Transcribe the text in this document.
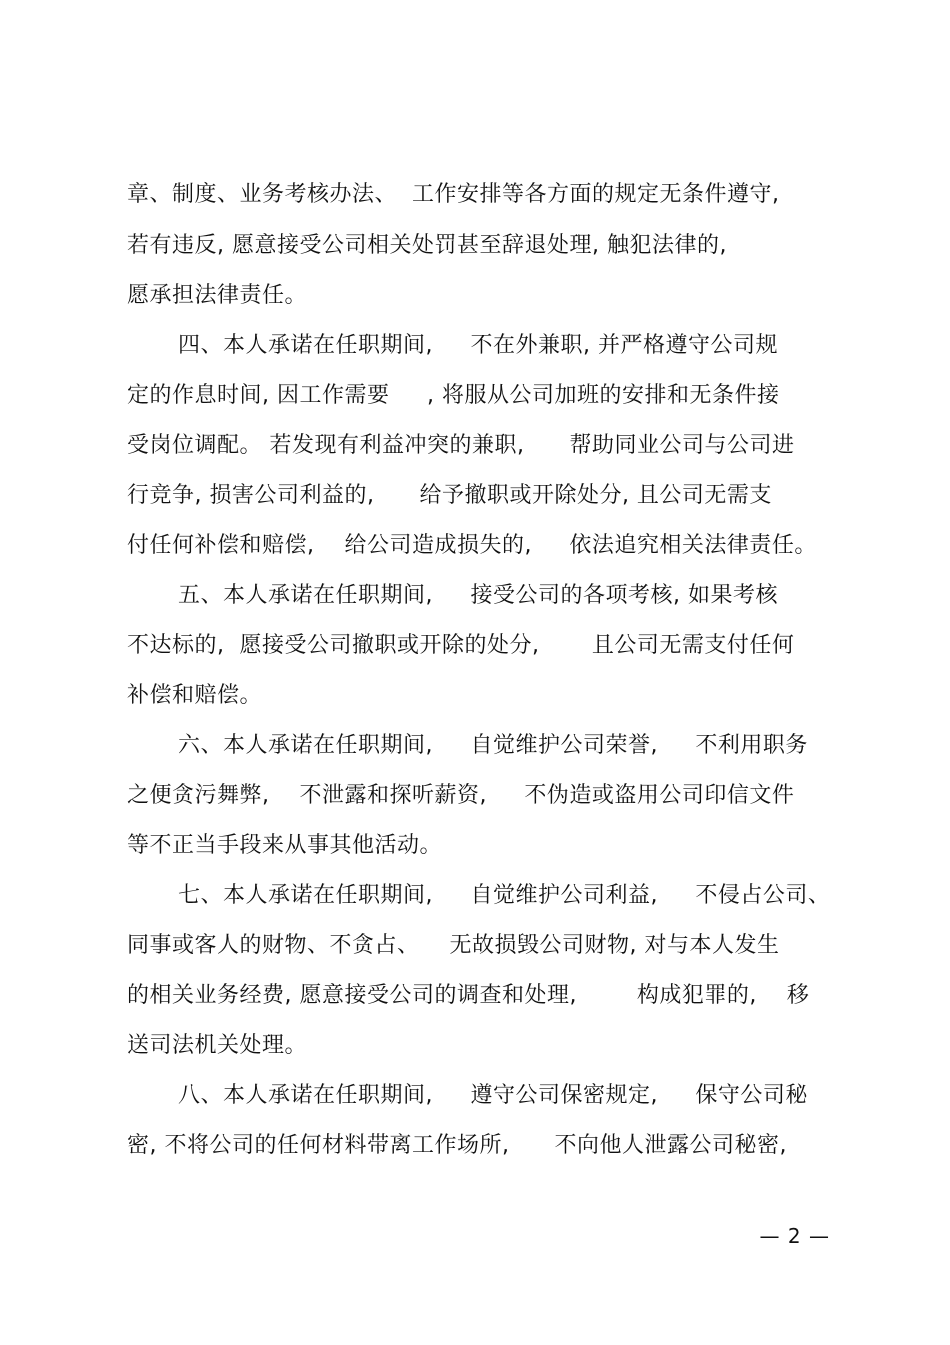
章、制度、业务考核办法、  工作安排等各方面的规定无条件遵守,
若有违反, 愿意接受公司相关处罚甚至辞退处理, 触犯法律的,
愿承担法律责任。
四、本人承诺在任职期间,     不在外兼职, 并严格遵守公司规
定的作息时间, 因工作需要     , 将服从公司加班的安排和无条件接
受岗位调配。 若发现有利益冲突的兼职,      帮助同业公司与公司进
行竞争, 损害公司利益的,      给予撤职或开除处分, 且公司无需支
付任何补偿和赔偿,    给公司造成损失的,     依法追究相关法律责任。
五、本人承诺在任职期间,     接受公司的各项考核, 如果考核
不达标的,  愿接受公司撤职或开除的处分,       且公司无需支付任何
补偿和赔偿。
六、本人承诺在任职期间,     自觉维护公司荣誉,     不利用职务
之便贪污舞弊,    不泄露和探听薪资,     不伪造或盗用公司印信文件
等不正当手段来从事其他活动。
七、本人承诺在任职期间,     自觉维护公司利益,     不侵占公司、
同事或客人的财物、不贪占、    无故损毁公司财物, 对与本人发生
的相关业务经费, 愿意接受公司的调查和处理,        构成犯罪的,    移
送司法机关处理。
八、本人承诺在任职期间,     遵守公司保密规定,     保守公司秘
密, 不将公司的任何材料带离工作场所,      不向他人泄露公司秘密,
— 2 —
